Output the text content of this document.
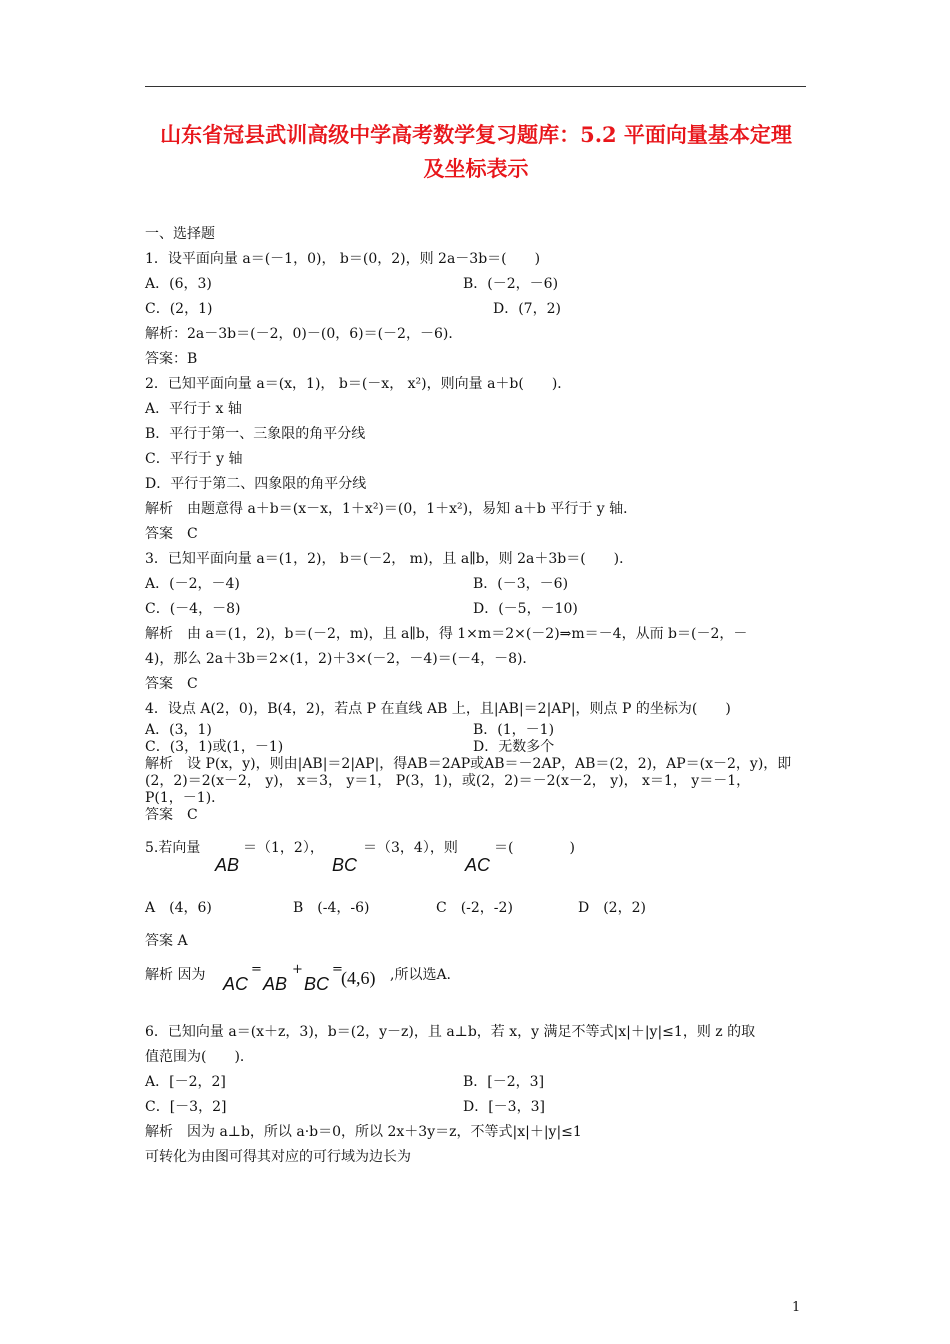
山东省冠县武训高级中学高考数学复习题库：5.2 平面向量基本定理
及坐标表示
一、选择题
1．设平面向量 a＝(－1，0)， b＝(0，2)，则 2a－3b＝(　　)
A．(6，3)	B．(－2，－6)
C．(2，1)	D．(7，2)
解析：2a－3b＝(－2，0)－(0，6)＝(－2，－6)．
答案：B
2．已知平面向量 a＝(x，1)， b＝(－x， x²)，则向量 a＋b(　　)．
A．平行于 x 轴
B．平行于第一、三象限的角平分线
C．平行于 y 轴
D．平行于第二、四象限的角平分线
解析　由题意得 a＋b＝(x－x，1＋x²)＝(0，1＋x²)，易知 a＋b 平行于 y 轴．
答案　C
3．已知平面向量 a＝(1，2)， b＝(－2， m)，且 a∥b，则 2a＋3b＝(　　)．
A．(－2，－4)	B．(－3，－6)
C．(－4，－8)	D．(－5，－10)
解析　由 a＝(1，2)，b＝(－2，m)，且 a∥b，得 1×m＝2×(－2)⇒m＝－4，从而 b＝(－2，－
4)，那么 2a＋3b＝2×(1，2)＋3×(－2，－4)＝(－4，－8)．
答案　C
4．设点 A(2，0)，B(4，2)，若点 P 在直线 AB 上，且|AB|＝2|AP|，则点 P 的坐标为(　　)
A．(3，1)	B．(1，－1)
C．(3，1)或(1，－1)	D．无数多个
解析　设 P(x，y)，则由|AB|＝2|AP|，得AB＝2AP或AB＝－2AP，AB＝(2，2)，AP＝(x－2，y)，即
(2，2)＝2(x－2， y)， x＝3， y＝1， P(3，1)，或(2，2)＝－2(x－2， y)， x＝1， y＝－1，
P(1，－1)．
答案　C
5.若向量
AB
＝（1，2），
BC
＝（3，4），则
AC
＝(　　　　)
A　(4，6)	B　(-4，-6)	C　(-2，-2)	D　(2，2)
答案 A
解析 因为 AC
=
AB
+
BC
=
(4,6) ,所以选A.
6．已知向量 a＝(x＋z，3)，b＝(2，y－z)，且 a⊥b，若 x，y 满足不等式|x|＋|y|≤1，则 z 的取
值范围为(　　)．
A．[－2，2]	B．[－2，3]
C．[－3，2]	D．[－3，3]
解析　因为 a⊥b，所以 a·b＝0，所以 2x＋3y＝z，不等式|x|＋|y|≤1
可转化为由图可得其对应的可行域为边长为
1
